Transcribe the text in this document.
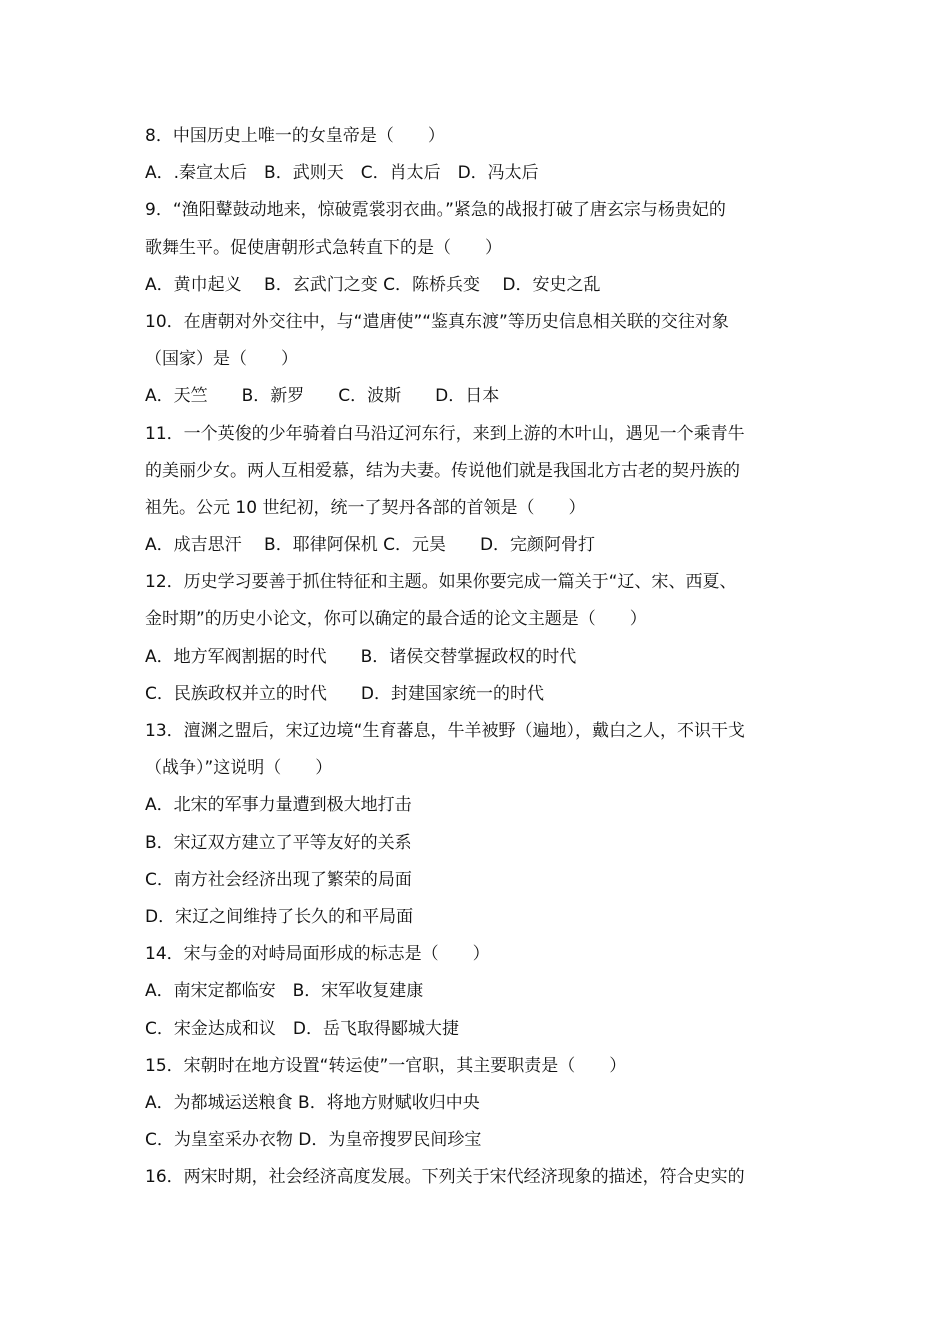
8．中国历史上唯一的女皇帝是（　　）
A．.秦宣太后　B．武则天　C．肖太后　D．冯太后
9．“渔阳鼙鼓动地来，惊破霓裳羽衣曲。”紧急的战报打破了唐玄宗与杨贵妃的
歌舞生平。促使唐朝形式急转直下的是（　　）
A．黄巾起义　 B．玄武门之变 C．陈桥兵变　 D．安史之乱
10．在唐朝对外交往中，与“遣唐使”“鉴真东渡”等历史信息相关联的交往对象
（国家）是（　　）
A．天竺　　B．新罗　　C．波斯　　D．日本
11．一个英俊的少年骑着白马沿辽河东行，来到上游的木叶山，遇见一个乘青牛
的美丽少女。两人互相爱慕，结为夫妻。传说他们就是我国北方古老的契丹族的
祖先。公元 10 世纪初，统一了契丹各部的首领是（　　）
A．成吉思汗　 B．耶律阿保机 C．元昊　　D．完颜阿骨打
12．历史学习要善于抓住特征和主题。如果你要完成一篇关于“辽、宋、西夏、
金时期”的历史小论文，你可以确定的最合适的论文主题是（　　）
A．地方军阀割据的时代　　B．诸侯交替掌握政权的时代
C．民族政权并立的时代　　D．封建国家统一的时代
13．澶渊之盟后，宋辽边境“生育蕃息，牛羊被野（遍地），戴白之人，不识干戈
（战争）”这说明（　　）
A．北宋的军事力量遭到极大地打击
B．宋辽双方建立了平等友好的关系
C．南方社会经济出现了繁荣的局面
D．宋辽之间维持了长久的和平局面
14．宋与金的对峙局面形成的标志是（　　）
A．南宋定都临安　B．宋军收复建康
C．宋金达成和议　D．岳飞取得郾城大捷
15．宋朝时在地方设置“转运使”一官职，其主要职责是（　　）
A．为都城运送粮食 B．将地方财赋收归中央
C．为皇室采办衣物 D．为皇帝搜罗民间珍宝
16．两宋时期，社会经济高度发展。下列关于宋代经济现象的描述，符合史实的
